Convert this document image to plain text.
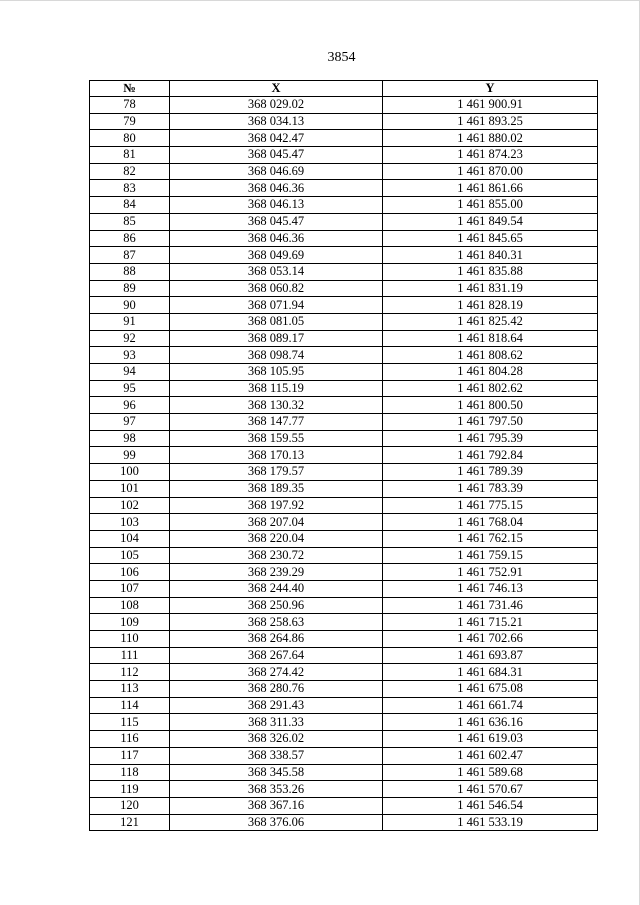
3854
№	X	Y
78	368 029.02	1 461 900.91
79	368 034.13	1 461 893.25
80	368 042.47	1 461 880.02
81	368 045.47	1 461 874.23
82	368 046.69	1 461 870.00
83	368 046.36	1 461 861.66
84	368 046.13	1 461 855.00
85	368 045.47	1 461 849.54
86	368 046.36	1 461 845.65
87	368 049.69	1 461 840.31
88	368 053.14	1 461 835.88
89	368 060.82	1 461 831.19
90	368 071.94	1 461 828.19
91	368 081.05	1 461 825.42
92	368 089.17	1 461 818.64
93	368 098.74	1 461 808.62
94	368 105.95	1 461 804.28
95	368 115.19	1 461 802.62
96	368 130.32	1 461 800.50
97	368 147.77	1 461 797.50
98	368 159.55	1 461 795.39
99	368 170.13	1 461 792.84
100	368 179.57	1 461 789.39
101	368 189.35	1 461 783.39
102	368 197.92	1 461 775.15
103	368 207.04	1 461 768.04
104	368 220.04	1 461 762.15
105	368 230.72	1 461 759.15
106	368 239.29	1 461 752.91
107	368 244.40	1 461 746.13
108	368 250.96	1 461 731.46
109	368 258.63	1 461 715.21
110	368 264.86	1 461 702.66
111	368 267.64	1 461 693.87
112	368 274.42	1 461 684.31
113	368 280.76	1 461 675.08
114	368 291.43	1 461 661.74
115	368 311.33	1 461 636.16
116	368 326.02	1 461 619.03
117	368 338.57	1 461 602.47
118	368 345.58	1 461 589.68
119	368 353.26	1 461 570.67
120	368 367.16	1 461 546.54
121	368 376.06	1 461 533.19
